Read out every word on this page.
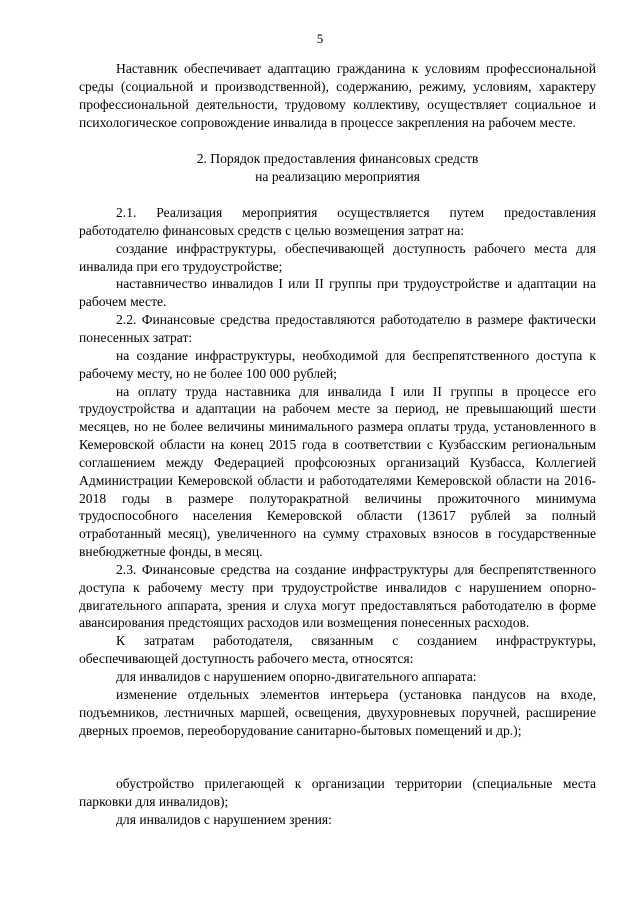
5

Наставник обеспечивает адаптацию гражданина к условиям профессиональной среды (социальной и производственной), содержанию, режиму, условиям, характеру профессиональной деятельности, трудовому коллективу, осуществляет социальное и психологическое сопровождение инвалида в процессе закрепления на рабочем месте.

2. Порядок предоставления финансовых средств
на реализацию мероприятия

2.1. Реализация мероприятия осуществляется путем предоставления работодателю финансовых средств с целью возмещения затрат на:

создание инфраструктуры, обеспечивающей доступность рабочего места для инвалида при его трудоустройстве;

наставничество инвалидов I или II группы при трудоустройстве и адаптации на рабочем месте.

2.2. Финансовые средства предоставляются работодателю в размере фактически понесенных затрат:

на создание инфраструктуры, необходимой для беспрепятственного доступа к рабочему месту, но не более 100 000 рублей;

на оплату труда наставника для инвалида I или II группы в процессе его трудоустройства и адаптации на рабочем месте за период, не превышающий шести месяцев, но не более величины минимального размера оплаты труда, установленного в Кемеровской области на конец 2015 года в соответствии с Кузбасским региональным соглашением между Федерацией профсоюзных организаций Кузбасса, Коллегией Администрации Кемеровской области и работодателями Кемеровской области на 2016-2018 годы в размере полуторакратной величины прожиточного минимума трудоспособного населения Кемеровской области (13617 рублей за полный отработанный месяц), увеличенного на сумму страховых взносов в государственные внебюджетные фонды, в месяц.

2.3. Финансовые средства на создание инфраструктуры для беспрепятственного доступа к рабочему месту при трудоустройстве инвалидов с нарушением опорно-двигательного аппарата, зрения и слуха могут предоставляться работодателю в форме авансирования предстоящих расходов или возмещения понесенных расходов.

К затратам работодателя, связанным с созданием инфраструктуры, обеспечивающей доступность рабочего места, относятся:

для инвалидов с нарушением опорно-двигательного аппарата:

изменение отдельных элементов интерьера (установка пандусов на входе, подъемников, лестничных маршей, освещения, двухуровневых поручней, расширение дверных проемов, переоборудование санитарно-бытовых помещений и др.);

обустройство прилегающей к организации территории (специальные места парковки для инвалидов);

для инвалидов с нарушением зрения:
